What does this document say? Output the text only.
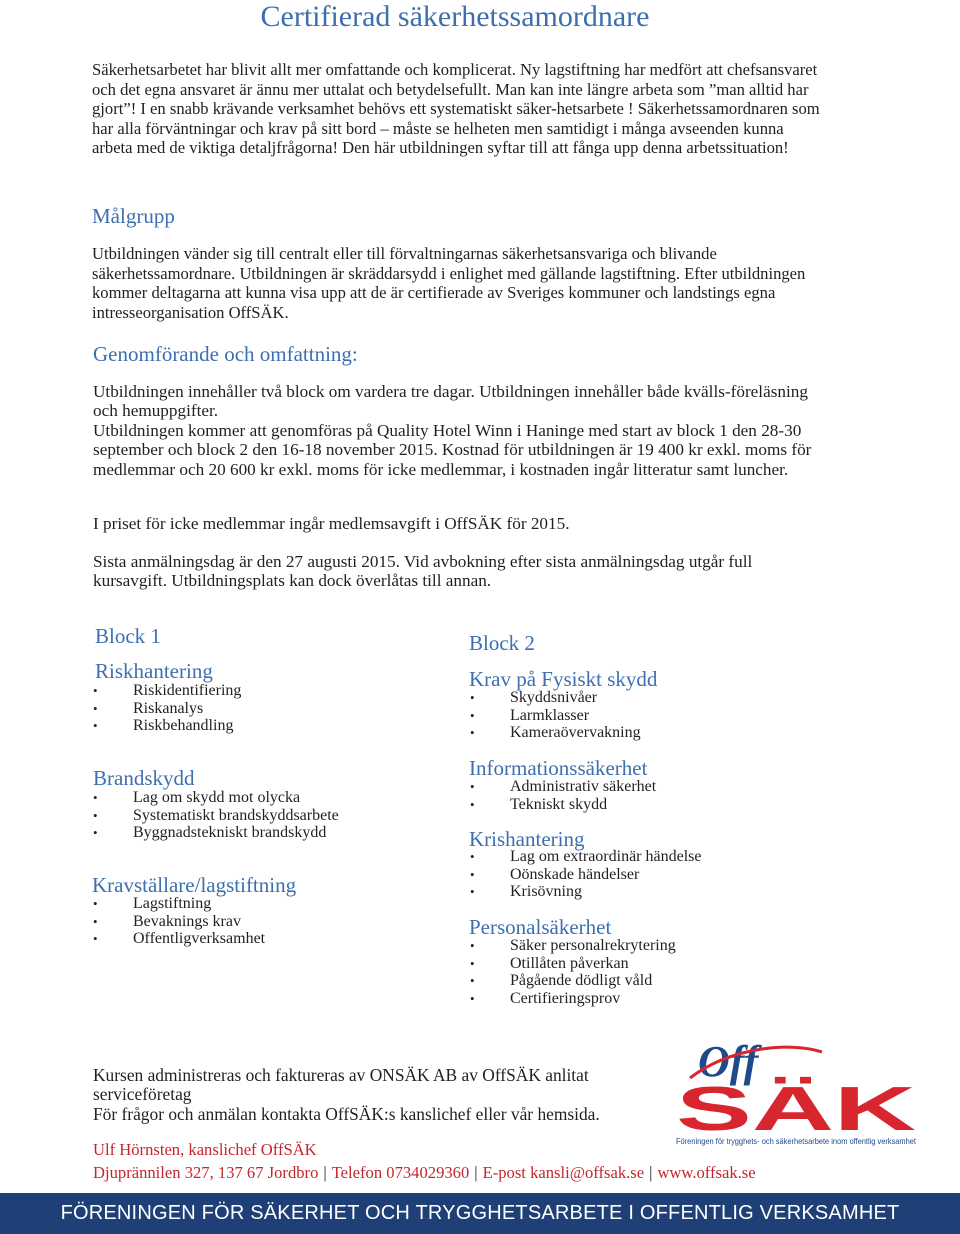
Certifierad säkerhetssamordnare

Säkerhetsarbetet har blivit allt mer omfattande och komplicerat. Ny lagstiftning har medfört att chefsansvaret och det egna ansvaret är ännu mer uttalat och betydelsefullt. Man kan inte längre arbeta som ”man alltid har gjort”! I en snabb krävande verksamhet behövs ett systematiskt säker-hetsarbete ! Säkerhetssamordnaren som har alla förväntningar och krav på sitt bord – måste se helheten men samtidigt i många avseenden kunna arbeta med de viktiga detaljfrågorna! Den här utbildningen syftar till att fånga upp denna arbetssituation!

Målgrupp

Utbildningen vänder sig till centralt eller till förvaltningarnas säkerhetsansvariga och blivande säkerhetssamordnare. Utbildningen är skräddarsydd i enlighet med gällande lagstiftning. Efter utbildningen kommer deltagarna att kunna visa upp att de är certifierade av Sveriges kommuner och landstings egna intresseorganisation OffSÄK.

Genomförande och omfattning:

Utbildningen innehåller två block om vardera tre dagar. Utbildningen innehåller både kvälls-föreläsning och hemuppgifter.

Utbildningen kommer att genomföras på Quality Hotel Winn i Haninge med start av block 1 den 28-30 september och block 2 den 16-18 november 2015. Kostnad för utbildningen är 19 400 kr exkl. moms för medlemmar och 20 600 kr exkl. moms för icke medlemmar, i kostnaden ingår litteratur samt luncher.

I priset för icke medlemmar ingår medlemsavgift i OffSÄK för 2015.

Sista anmälningsdag är den 27 augusti 2015. Vid avbokning efter sista anmälningsdag utgår full kursavgift. Utbildningsplats kan dock överlåtas till annan.

Block 1
Riskhantering
• Riskidentifiering
• Riskanalys
• Riskbehandling
Brandskydd
• Lag om skydd mot olycka
• Systematiskt brandskyddsarbete
• Byggnadstekniskt brandskydd
Kravställare/lagstiftning
• Lagstiftning
• Bevaknings krav
• Offentligverksamhet
Block 2
Krav på Fysiskt skydd
• Skyddsnivåer
• Larmklasser
• Kameraövervakning
Informationssäkerhet
• Administrativ säkerhet
• Tekniskt skydd
Krishantering
• Lag om extraordinär händelse
• Oönskade händelser
• Krisövning
Personalsäkerhet
• Säker personalrekrytering
• Otillåten påverkan
• Pågående dödligt våld
• Certifieringsprov
Off
SÄK
Föreningen för trygghets- och säkerhetsarbete inom offentlig verksamhet

Kursen administreras och faktureras av ONSÄK AB av OffSÄK anlitat serviceföretag

För frågor och anmälan kontakta OffSÄK:s kanslichef eller vår hemsida.

Ulf Hörnsten, kanslichef OffSÄK
Djuprännilen 327, 137 67 Jordbro | Telefon 0734029360 | E-post kansli@offsak.se | www.offsak.se
FÖRENINGEN FÖR SÄKERHET OCH TRYGGHETSARBETE I OFFENTLIG VERKSAMHET
